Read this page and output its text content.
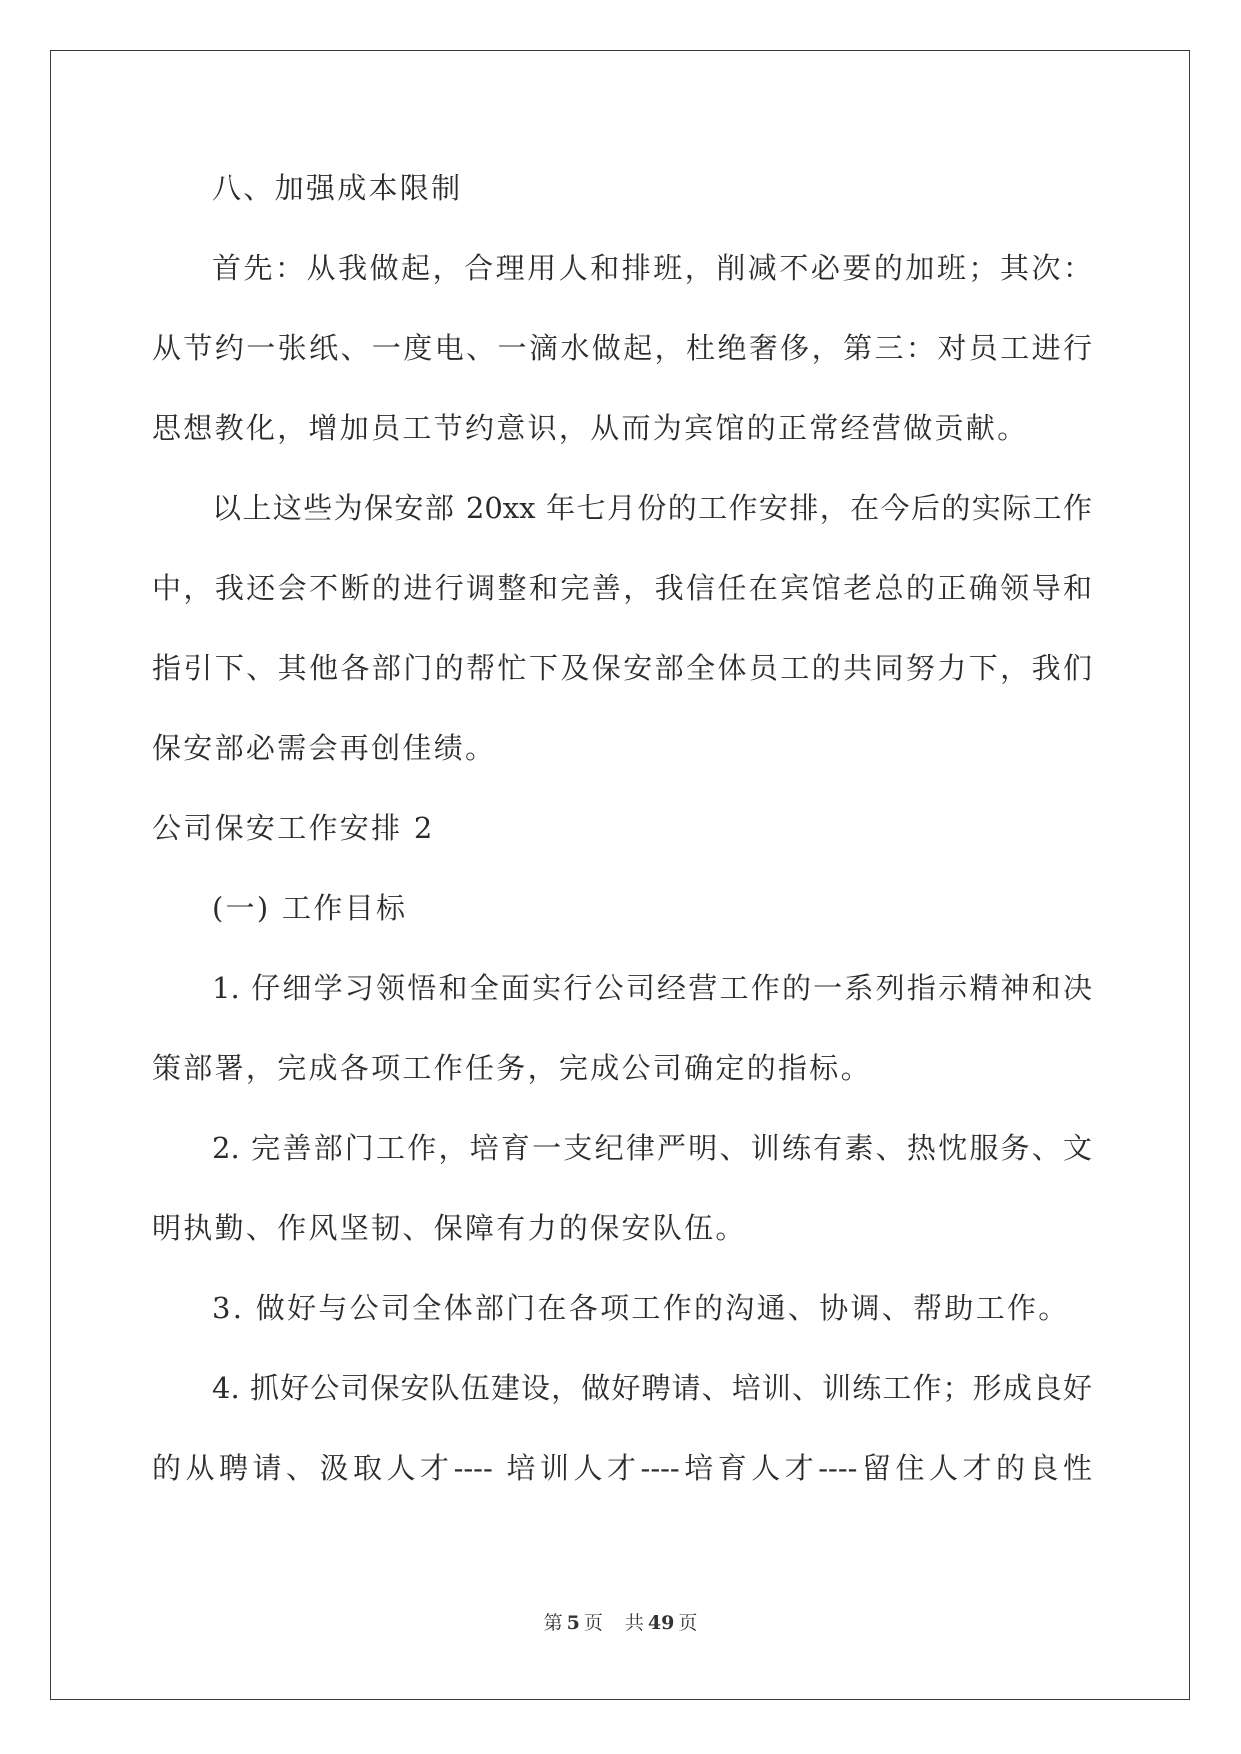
八、加强成本限制
首先：从我做起，合理用人和排班，削减不必要的加班；其次：
从节约一张纸、一度电、一滴水做起，杜绝奢侈，第三：对员工进行
思想教化，增加员工节约意识，从而为宾馆的正常经营做贡献。
以上这些为保安部 20xx 年七月份的工作安排，在今后的实际工作
中，我还会不断的进行调整和完善，我信任在宾馆老总的正确领导和
指引下、其他各部门的帮忙下及保安部全体员工的共同努力下，我们
保安部必需会再创佳绩。
公司保安工作安排 2
(一) 工作目标
1. 仔细学习领悟和全面实行公司经营工作的一系列指示精神和决
策部署，完成各项工作任务，完成公司确定的指标。
2. 完善部门工作，培育一支纪律严明、训练有素、热忱服务、文
明执勤、作风坚韧、保障有力的保安队伍。
3. 做好与公司全体部门在各项工作的沟通、协调、帮助工作。
4. 抓好公司保安队伍建设，做好聘请、培训、训练工作；形成良好
的从聘请、汲取人才---- 培训人才----培育人才----留住人才的良性
第 5 页 共 49 页
